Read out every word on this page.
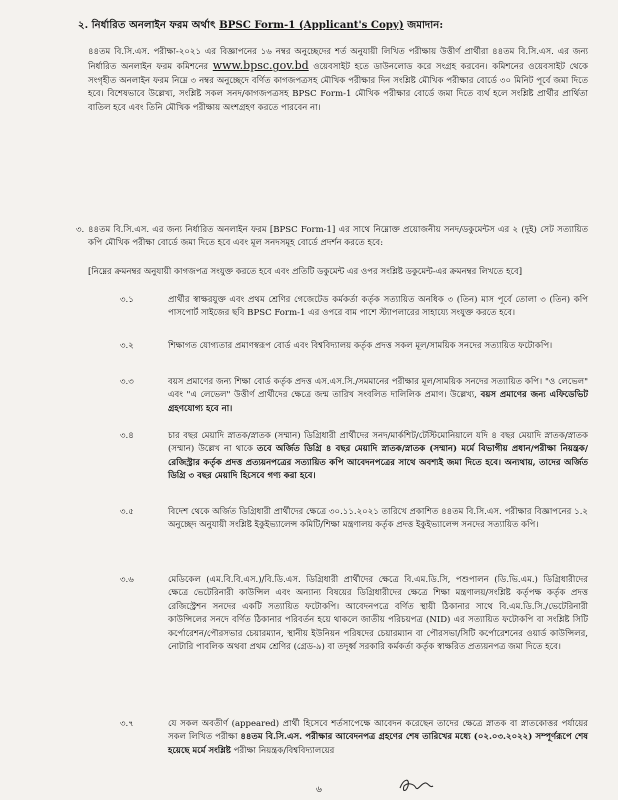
২. নির্ধারিত অনলাইন ফরম অর্থাৎ BPSC Form-1 (Applicant's Copy) জমাদান:
৪৪তম বি.সি.এস. পরীক্ষা-২০২১ এর বিজ্ঞাপনের ১৬ নম্বর অনুচ্ছেদের শর্ত অনুযায়ী লিখিত পরীক্ষায় উত্তীর্ণ প্রার্থীরা ৪৪তম বি.সি.এস. এর জন্য নির্ধারিত অনলাইন ফরম কমিশনের www.bpsc.gov.bd ওয়েবসাইট হতে ডাউনলোড করে সংগ্রহ করবেন। কমিশনের ওয়েবসাইট থেকে সংগৃহীত অনলাইন ফরম নিম্নে ৩ নম্বর অনুচ্ছেদে বর্ণিত কাগজপত্রসহ মৌখিক পরীক্ষার দিন সংশ্লিষ্ট মৌখিক পরীক্ষার বোর্ডে ৩০ মিনিট পূর্বে জমা দিতে হবে। বিশেষভাবে উল্লেখ্য, সংশ্লিষ্ট সকল সনদ/কাগজপত্রসহ BPSC Form-1 মৌখিক পরীক্ষার বোর্ডে জমা দিতে ব্যর্থ হলে সংশ্লিষ্ট প্রার্থীর প্রার্থিতা বাতিল হবে এবং তিনি মৌখিক পরীক্ষায় অংশগ্রহণ করতে পারবেন না।
৩. ৪৪তম বি.সি.এস. এর জন্য নির্ধারিত অনলাইন ফরম [BPSC Form-1] এর সাথে নিম্নোক্ত প্রয়োজনীয় সনদ/ডকুমেন্টস এর ২ (দুই) সেট সত্যায়িত কপি মৌখিক পরীক্ষা বোর্ডে জমা দিতে হবে এবং মূল সনদসমূহ বোর্ডে প্রদর্শন করতে হবে:
[নিম্নের ক্রমনম্বর অনুযায়ী কাগজপত্র সংযুক্ত করতে হবে এবং প্রতিটি ডকুমেন্ট এর ওপর সংশ্লিষ্ট ডকুমেন্ট-এর ক্রমনম্বর লিখতে হবে]
৩.১	প্রার্থীর স্বাক্ষরযুক্ত এবং প্রথম শ্রেণির গেজেটেড কর্মকর্তা কর্তৃক সত্যায়িত অনধিক ৩ (তিন) মাস পূর্বে তোলা ৩ (তিন) কপি পাসপোর্ট সাইজের ছবি BPSC Form-1 এর ওপরে বাম পাশে স্ট্যাপলারের সাহায্যে সংযুক্ত করতে হবে।
৩.২	শিক্ষাগত যোগ্যতার প্রমাণস্বরূপ বোর্ড এবং বিশ্ববিদ্যালয় কর্তৃক প্রদত্ত সকল মূল/সাময়িক সনদের সত্যায়িত ফটোকপি।
৩.৩	বয়স প্রমাণের জন্য শিক্ষা বোর্ড কর্তৃক প্রদত্ত এস.এস.সি./সমমানের পরীক্ষার মূল/সাময়িক সনদের সত্যায়িত কপি। "ও লেভেল" এবং "এ লেভেল" উত্তীর্ণ প্রার্থীদের ক্ষেত্রে জন্ম তারিখ সংবলিত দালিলিক প্রমাণ। উল্লেখ্য, বয়স প্রমাণের জন্য এফিডেভিট গ্রহণযোগ্য হবে না।
৩.৪	চার বছর মেয়াদি স্নাতক/স্নাতক (সম্মান) ডিগ্রিধারী প্রার্থীদের সনদ/মার্কশিট/টেস্টিমোনিয়ালে যদি ৪ বছর মেয়াদি স্নাতক/স্নাতক (সম্মান) উল্লেখ না থাকে তবে অর্জিত ডিগ্রি ৪ বছর মেয়াদি স্নাতক/স্নাতক (সম্মান) মর্মে বিভাগীয় প্রধান/পরীক্ষা নিয়ন্ত্রক/রেজিস্ট্রার কর্তৃক প্রদত্ত প্রত্যয়নপত্রের সত্যায়িত কপি আবেদনপত্রের সাথে অবশ্যই জমা দিতে হবে। অন্যথায়, তাদের অর্জিত ডিগ্রি ৩ বছর মেয়াদি হিসেবে গণ্য করা হবে।
৩.৫	বিদেশ থেকে অর্জিত ডিগ্রিধারী প্রার্থীদের ক্ষেত্রে ৩০.১১.২০২১ তারিখে প্রকাশিত ৪৪তম বি.সি.এস. পরীক্ষার বিজ্ঞাপনের ১.২ অনুচ্ছেদ অনুযায়ী সংশ্লিষ্ট ইকুইভ্যালেন্স কমিটি/শিক্ষা মন্ত্রণালয় কর্তৃক প্রদত্ত ইকুইভ্যালেন্স সনদের সত্যায়িত কপি।
৩.৬	মেডিকেল (এম.বি.বি.এস.)/বি.ডি.এস. ডিগ্রিধারী প্রার্থীদের ক্ষেত্রে বি.এম.ডি.সি, পশুপালন (ডি.ভি.এম.) ডিগ্রিধারীদের ক্ষেত্রে ভেটেরিনারী কাউন্সিল এবং অন্যান্য বিষয়ের ডিগ্রিধারীদের ক্ষেত্রে শিক্ষা মন্ত্রণালয়/সংশ্লিষ্ট কর্তৃপক্ষ কর্তৃক প্রদত্ত রেজিস্ট্রেশন সনদের একটি সত্যায়িত ফটোকপি। আবেদনপত্রে বর্ণিত স্থায়ী ঠিকানার সাথে বি.এম.ডি.সি./ভেটেরিনারী কাউন্সিলের সনদে বর্ণিত ঠিকানার পরিবর্তন হয়ে থাকলে জাতীয় পরিচয়পত্র (NID) এর সত্যায়িত ফটোকপি বা সংশ্লিষ্ট সিটি কর্পোরেশন/পৌরসভার চেয়ারম্যান, স্থানীয় ইউনিয়ন পরিষদের চেয়ারম্যান বা পৌরসভা/সিটি কর্পোরেশনের ওয়ার্ড কাউন্সিলর, নোটারি পাবলিক অথবা প্রথম শ্রেণির (গ্রেড-৯) বা তদূর্ধ্ব সরকারি কর্মকর্তা কর্তৃক স্বাক্ষরিত প্রত্যয়নপত্র জমা দিতে হবে।
৩.৭	যে সকল অবতীর্ণ (appeared) প্রার্থী হিসেবে শর্তসাপেক্ষে আবেদন করেছেন তাদের ক্ষেত্রে স্নাতক বা স্নাতকোত্তর পর্যায়ের সকল লিখিত পরীক্ষা ৪৪তম বি.সি.এস. পরীক্ষার আবেদনপত্র গ্রহণের শেষ তারিখের মধ্যে (০২.০৩.২০২২) সম্পূর্ণরূপে শেষ হয়েছে মর্মে সংশ্লিষ্ট পরীক্ষা নিয়ন্ত্রক/বিশ্ববিদ্যালয়ের
৬
